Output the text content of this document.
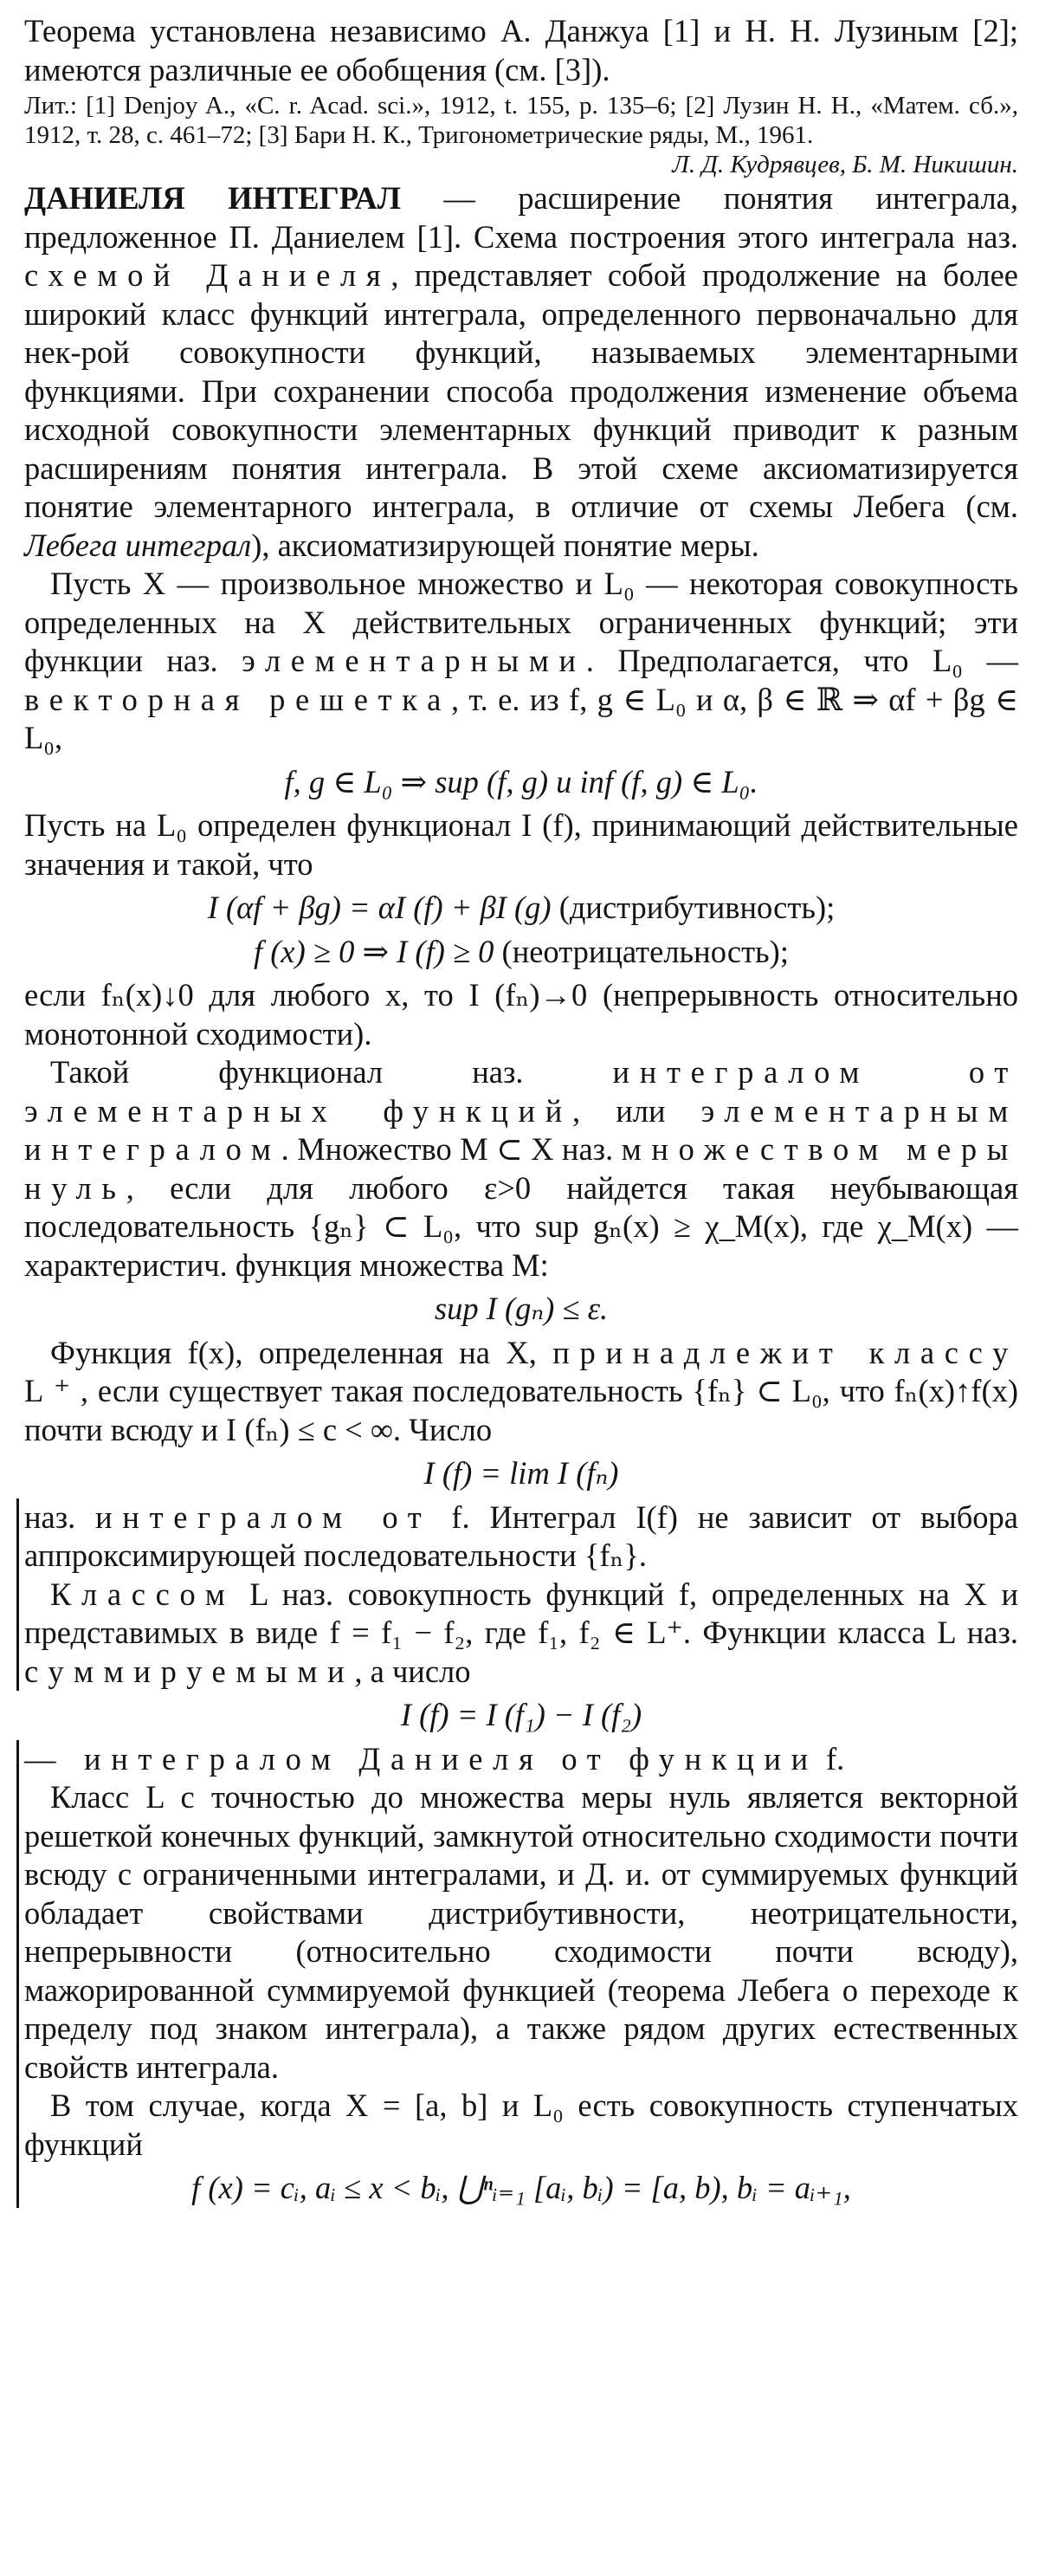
Теорема установлена независимо А. Данжуа [1] и Н. Н. Лузиным [2]; имеются различные ее обобщения (см. [3]).

Лит.: [1] Denjoy A., «C. r. Acad. sci.», 1912, t. 155, p. 135–6; [2] Лузин Н. Н., «Матем. сб.», 1912, т. 28, с. 461–72; [3] Бари Н. К., Тригонометрические ряды, М., 1961.
Л. Д. Кудрявцев, Б. М. Никишин.

ДАНИЕЛЯ ИНТЕГРАЛ — расширение понятия интеграла, предложенное П. Даниелем [1]. Схема построения этого интеграла наз. схемой Даниеля, представляет собой продолжение на более широкий класс функций интеграла, определенного первоначально для нек-рой совокупности функций, называемых элементарными функциями. При сохранении способа продолжения изменение объема исходной совокупности элементарных функций приводит к разным расширениям понятия интеграла. В этой схеме аксиоматизируется понятие элементарного интеграла, в отличие от схемы Лебега (см. Лебега интеграл), аксиоматизирующей понятие меры.

Пусть X — произвольное множество и L₀ — некоторая совокупность определенных на X действительных ограниченных функций; эти функции наз. элементарными. Предполагается, что L₀ — векторная решетка, т. е. из f, g ∈ L₀ и α, β ∈ ℝ ⇒ αf + βg ∈ L₀,

f, g ∈ L₀ ⇒ sup (f, g) и inf (f, g) ∈ L₀.

Пусть на L₀ определен функционал I (f), принимающий действительные значения и такой, что

I (αf + βg) = αI (f) + βI (g) (дистрибутивность);

f (x) ≥ 0 ⇒ I (f) ≥ 0 (неотрицательность);

если fₙ(x)↓0 для любого x, то I (fₙ)→0 (непрерывность относительно монотонной сходимости).

Такой функционал наз. интегралом от элементарных функций, или элементарным интегралом. Множество M ⊂ X наз. множеством меры нуль, если для любого ε>0 найдется такая неубывающая последовательность {gₙ} ⊂ L₀, что sup gₙ(x) ≥ χ_M(x), где χ_M(x) — характеристич. функция множества M:

sup I (gₙ) ≤ ε.

Функция f(x), определенная на X, принадлежит классу L⁺, если существует такая последовательность {fₙ} ⊂ L₀, что fₙ(x)↑f(x) почти всюду и I (fₙ) ≤ c < ∞. Число

I (f) = lim I (fₙ)

наз. интегралом от f. Интеграл I(f) не зависит от выбора аппроксимирующей последовательности {fₙ}.

Классом L наз. совокупность функций f, определенных на X и представимых в виде f = f₁ − f₂, где f₁, f₂ ∈ L⁺. Функции класса L наз. суммируемыми, а число

I (f) = I (f₁) − I (f₂)

— интегралом Даниеля от функции f.

Класс L с точностью до множества меры нуль является векторной решеткой конечных функций, замкнутой относительно сходимости почти всюду с ограниченными интегралами, и Д. и. от суммируемых функций обладает свойствами дистрибутивности, неотрицательности, непрерывности (относительно сходимости почти всюду), мажорированной суммируемой функцией (теорема Лебега о переходе к пределу под знаком интеграла), а также рядом других естественных свойств интеграла.

В том случае, когда X = [a, b] и L₀ есть совокупность ступенчатых функций

f (x) = cᵢ, aᵢ ≤ x < bᵢ, ⋃ⁿᵢ₌₁ [aᵢ, bᵢ) = [a, b), bᵢ = aᵢ₊₁,
